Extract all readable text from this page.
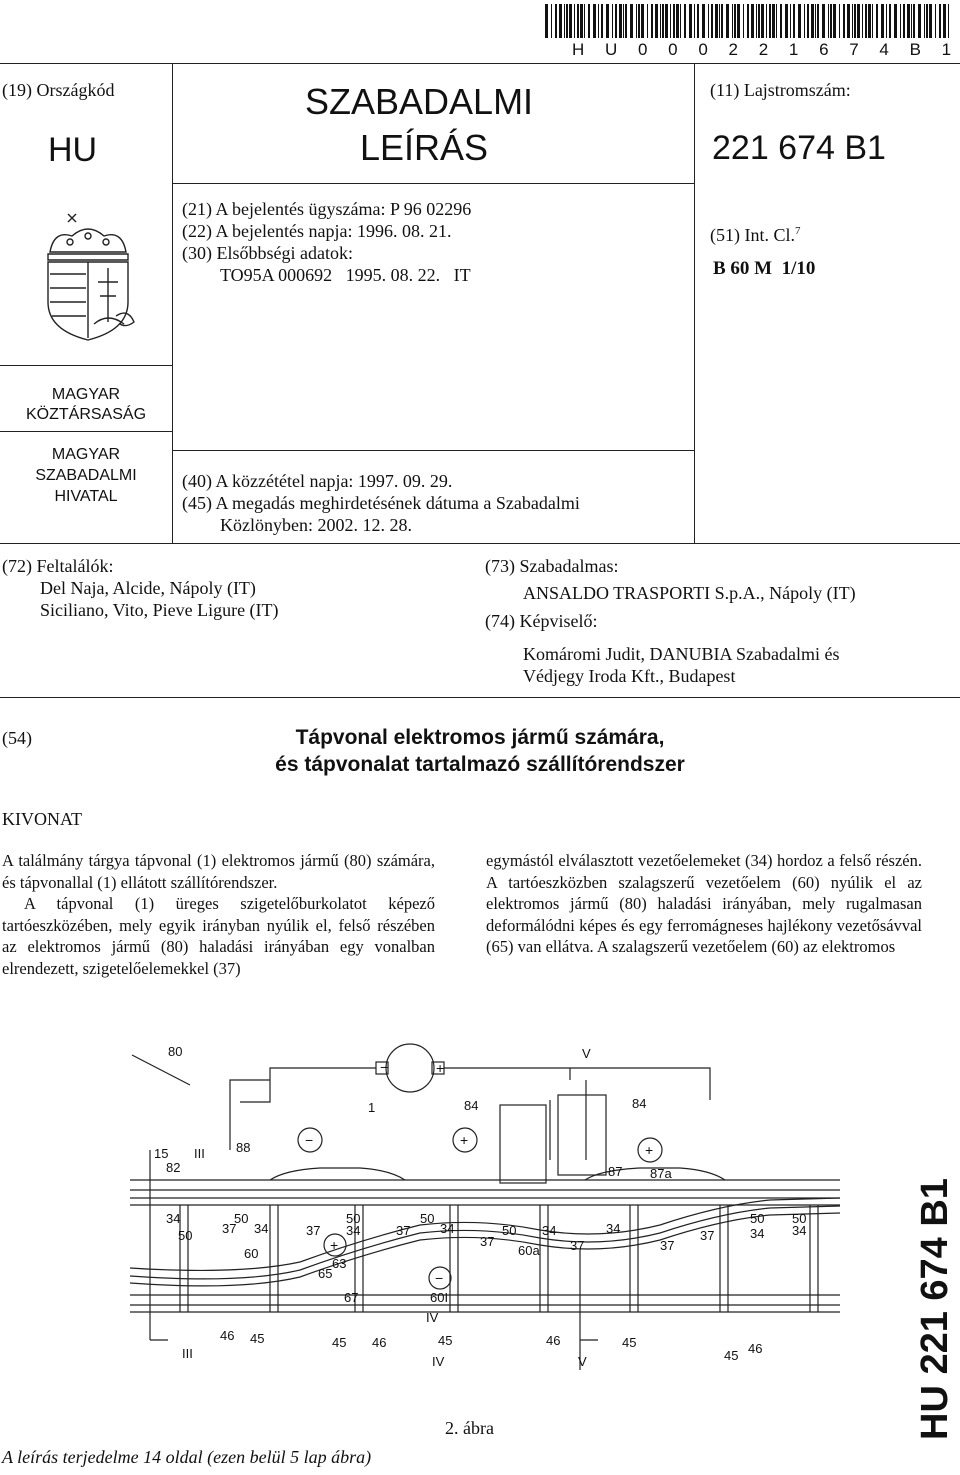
H U 0 0 0 2 2 1 6 7 4 B 1
(19) Országkód
HU
SZABADALMI
LEÍRÁS
(21) A bejelentés ügyszáma: P 96 02296
(22) A bejelentés napja: 1996. 08. 21.
(30) Elsőbbségi adatok:
TO95A 000692   1995. 08. 22.   IT
(11) Lajstromszám:
221 674 B1
(51) Int. Cl.$^7$
B 60 M  1/10
MAGYAR
KÖZTÁRSASÁG
MAGYAR
SZABADALMI
HIVATAL
(40) A közzététel napja: 1997. 09. 29.
(45) A megadás meghirdetésének dátuma a Szabadalmi
Közlönyben: 2002. 12. 28.
(72) Feltalálók:
Del Naja, Alcide, Nápoly (IT)
Siciliano, Vito, Pieve Ligure (IT)
(73) Szabadalmas:
ANSALDO TRASPORTI S.p.A., Nápoly (IT)
(74) Képviselő:
Komáromi Judit, DANUBIA Szabadalmi és
Védjegy Iroda Kft., Budapest
(54)	Tápvonal elektromos jármű számára,
és tápvonalat tartalmazó szállítórendszer
KIVONAT

A találmány tárgya tápvonal (1) elektromos jármű (80) számára, és tápvonallal (1) ellátott szállítórendszer.

A tápvonal (1) üreges szigetelőburkolatot képező tartóeszközében, mely egyik irányban nyúlik el, felső részében az elektromos jármű (80) haladási irányában egy vonalban elrendezett, szigetelőelemekkel (37)

egymástól elválasztott vezetőelemeket (34) hordoz a felső részén. A tartóeszközben szalagszerű vezetőelem (60) nyúlik el az elektromos jármű (80) haladási irányában, mely rugalmasan deformálódni képes és egy ferromágneses hajlékony vezetősávval (65) van ellátva. A szalagszerű vezetőelem (60) az elektromos

80	V
1	84	84
15 III 88
82	87 87a
34
50 37
50
34	37
50
34	37
50
34
37
50 34
37
60a
34
37
50
34
37
50
34
60
65
63
67	60I
46 45	45 46	45	46	45
45 46
III
IV
IV	V
−	+
+
+
−
−	+
2. ábra
A leírás terjedelme 14 oldal (ezen belül 5 lap ábra)
HU 221 674 B1
